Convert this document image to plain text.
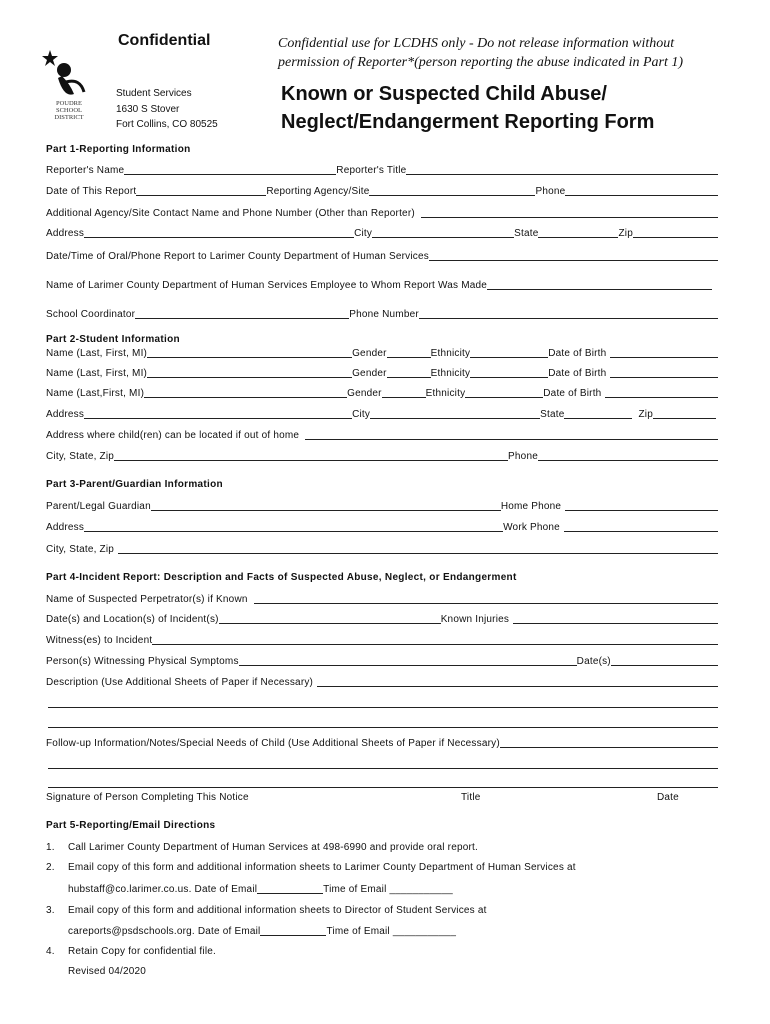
Confidential	Confidential use for LCDHS only - Do not release information without
permission of Reporter*(person reporting the abuse indicated in Part 1)
POUDRE
SCHOOL
DISTRICT
Student Services
1630 S Stover
Fort Collins, CO 80525
Known or Suspected Child Abuse/
Neglect/Endangerment Reporting Form
Part 1-Reporting Information
Reporter's Name	Reporter's Title
Date of This Report	Reporting Agency/Site	Phone
Additional Agency/Site Contact Name and Phone Number (Other than Reporter)
Address	City	State	Zip
Date/Time of Oral/Phone Report to Larimer County Department of Human Services
Name of Larimer County Department of Human Services Employee to Whom Report Was Made
School Coordinator	Phone Number
Part 2-Student Information
Name (Last, First, MI)	Gender	Ethnicity	Date of Birth
Name (Last, First, MI)	Gender	Ethnicity	Date of Birth
Name (Last,First, MI)	Gender	Ethnicity	Date of Birth
Address	City	State	Zip
Address where child(ren) can be located if out of home
City, State, Zip	Phone
Part 3-Parent/Guardian Information
Parent/Legal Guardian	Home Phone
Address	Work Phone
City, State, Zip
Part 4-Incident Report: Description and Facts of Suspected Abuse, Neglect, or Endangerment
Name of Suspected Perpetrator(s) if Known
Date(s) and Location(s) of Incident(s)	Known Injuries
Witness(es) to Incident
Person(s) Witnessing Physical Symptoms	Date(s)
Description (Use Additional Sheets of Paper if Necessary)
Follow-up Information/Notes/Special Needs of Child (Use Additional Sheets of Paper if Necessary)
Signature of Person Completing This Notice	Title	Date
Part 5-Reporting/Email Directions
1. Call Larimer County Department of Human Services at 498-6990 and provide oral report.
2. Email copy of this form and additional information sheets to Larimer County Department of Human Services at
hubstaff@co.larimer.co.us. Date of Email	Time of Email ___________
3. Email copy of this form and additional information sheets to Director of Student Services at
careports@psdschools.org. Date of Email	Time of Email ___________
4. Retain Copy for confidential file.
Revised 04/2020
